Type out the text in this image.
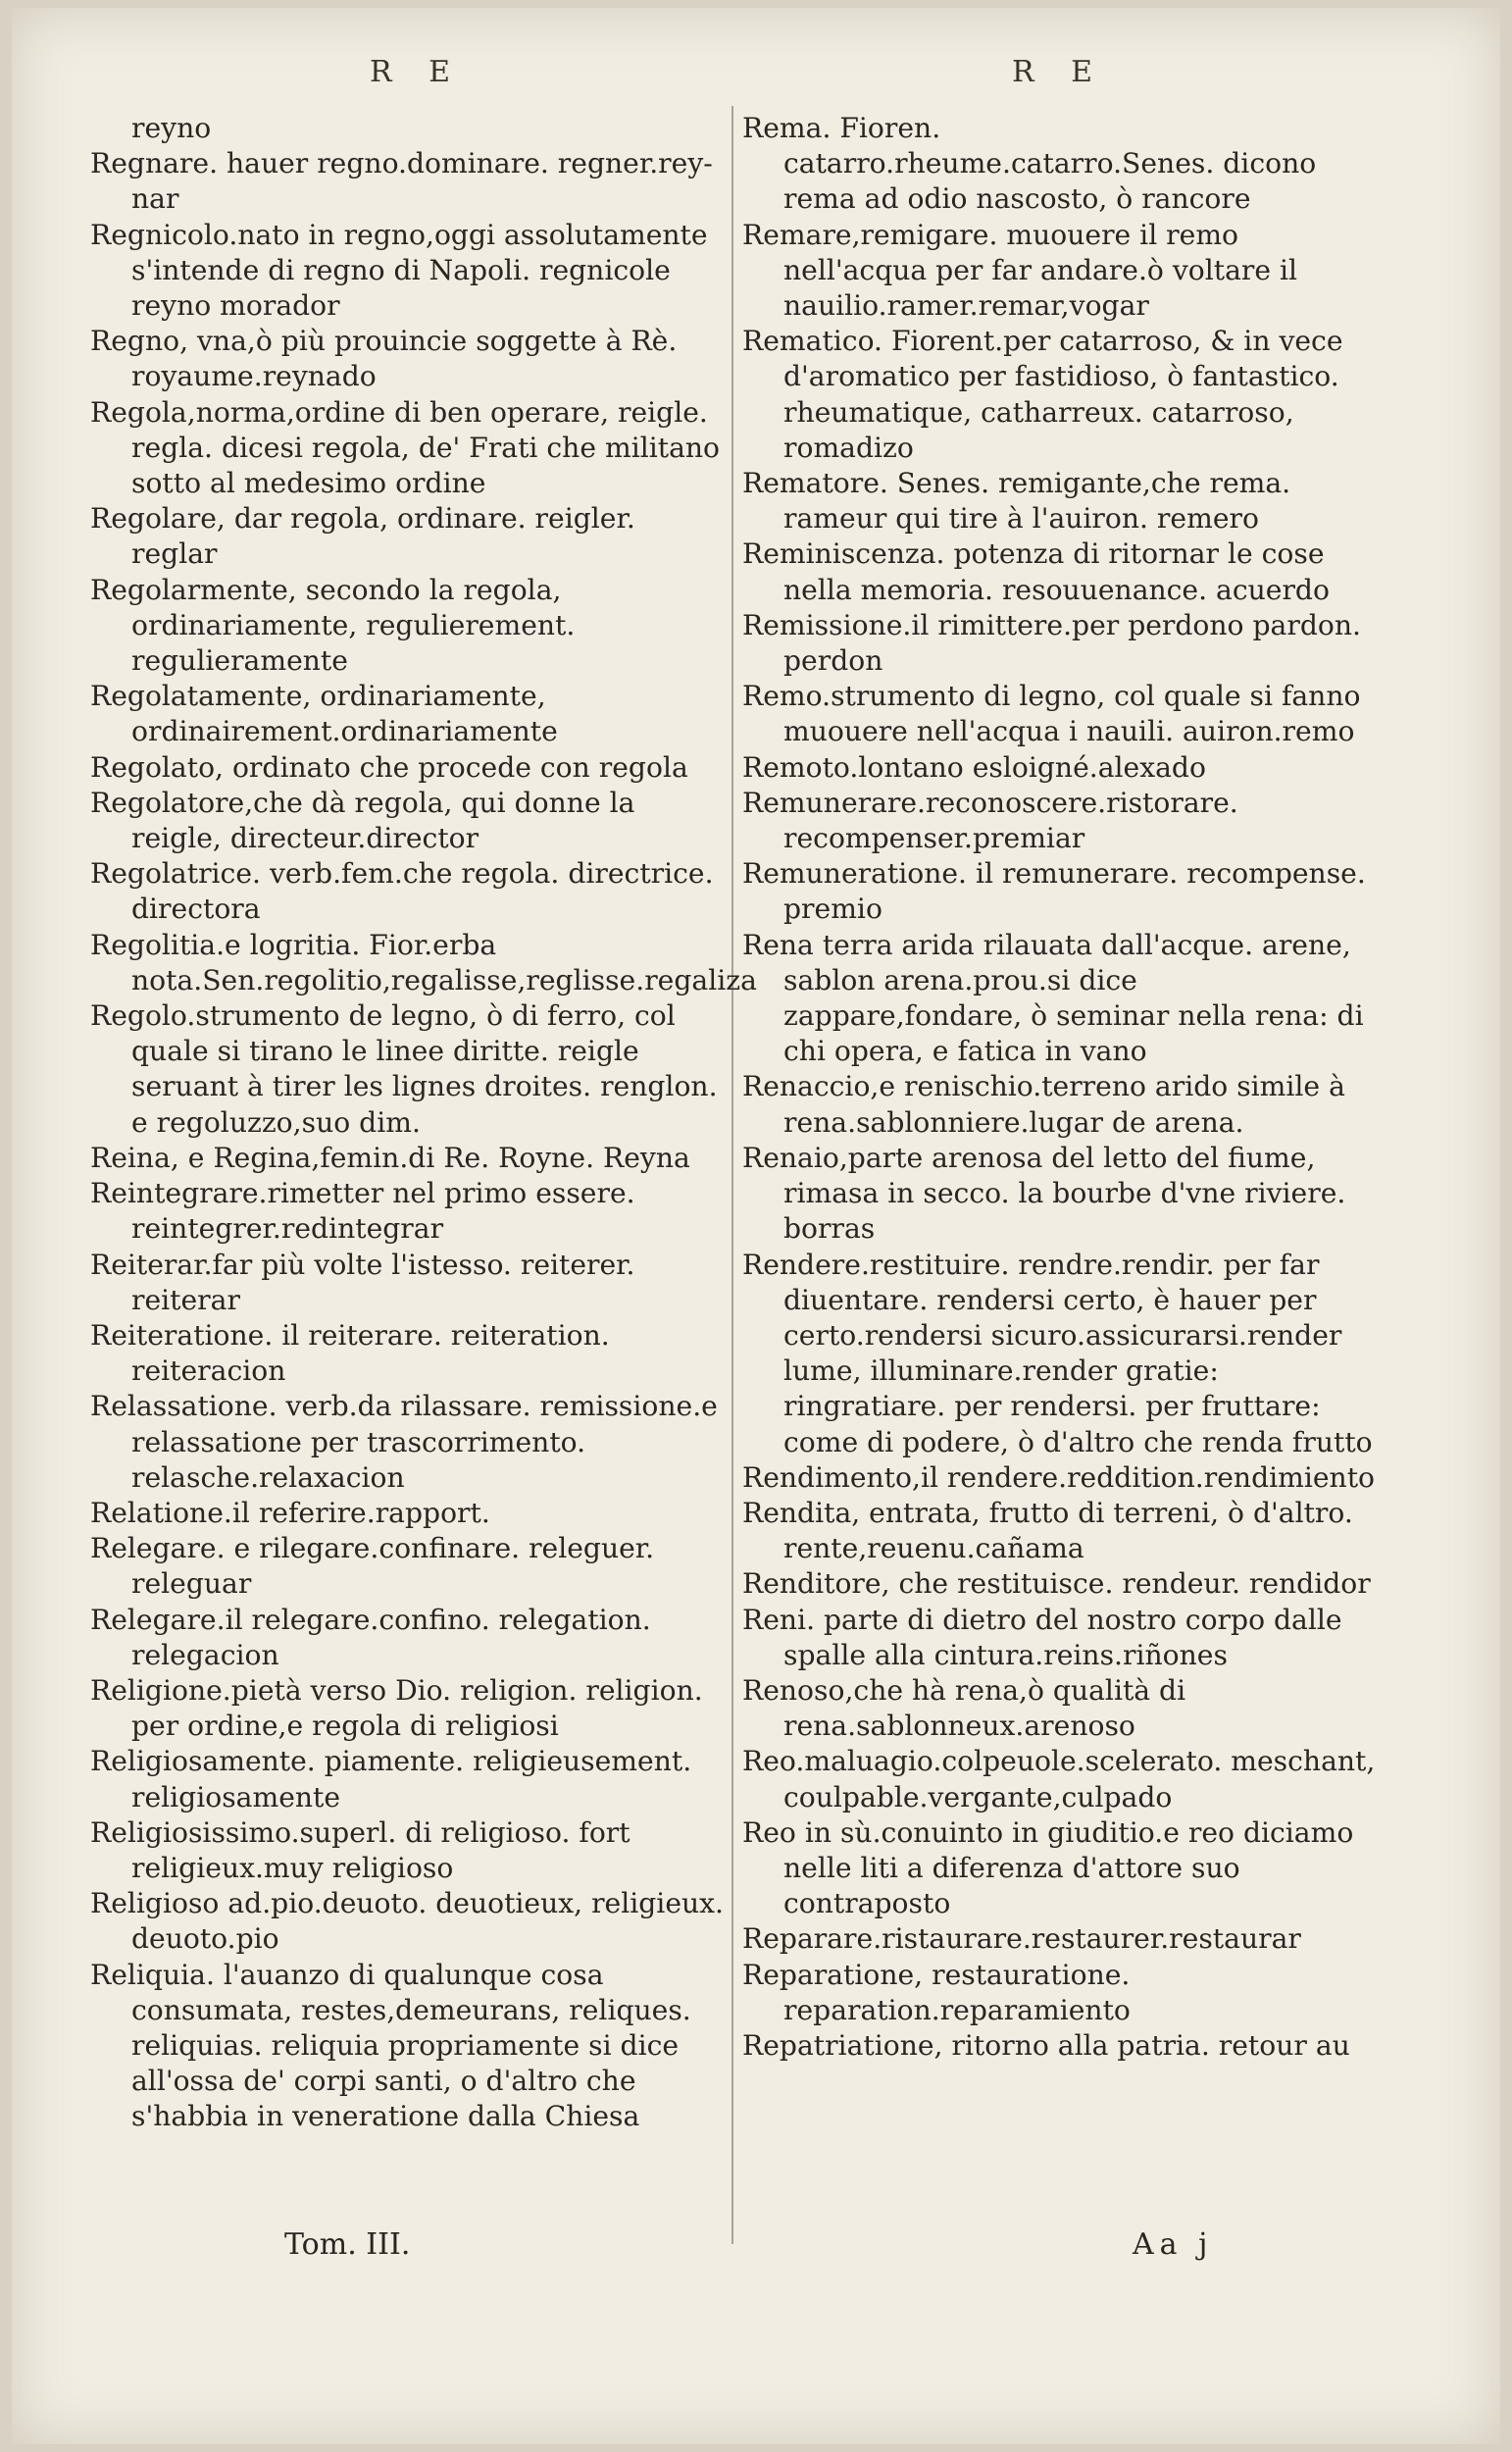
R E	R E

reyno

Regnare. hauer regno.dominare. regner.rey-nar

Regnicolo.nato in regno,oggi assolutamente s'intende di regno di Napoli. regnicole reyno morador

Regno, vna,ò più prouincie soggette à Rè. royaume.reynado

Regola,norma,ordine di ben operare, reigle. regla. dicesi regola, de' Frati che militano sotto al medesimo ordine

Regolare, dar regola, ordinare. reigler. reglar

Regolarmente, secondo la regola, ordinariamente, regulierement. regulieramente

Regolatamente, ordinariamente, ordinairement.ordinariamente

Regolato, ordinato che procede con regola

Regolatore,che dà regola, qui donne la reigle, directeur.director

Regolatrice. verb.fem.che regola. directrice. directora

Regolitia.e logritia. Fior.erba nota.Sen.regolitio,regalisse,reglisse.regaliza

Regolo.strumento de legno, ò di ferro, col quale si tirano le linee diritte. reigle seruant à tirer les lignes droites. renglon. e regoluzzo,suo dim.

Reina, e Regina,femin.di Re. Royne. Reyna

Reintegrare.rimetter nel primo essere. reintegrer.redintegrar

Reiterar.far più volte l'istesso. reiterer. reiterar

Reiteratione. il reiterare. reiteration. reiteracion

Relassatione. verb.da rilassare. remissione.e relassatione per trascorrimento. relasche.relaxacion

Relatione.il referire.rapport.

Relegare. e rilegare.confinare. releguer. releguar

Relegare.il relegare.confino. relegation. relegacion

Religione.pietà verso Dio. religion. religion. per ordine,e regola di religiosi

Religiosamente. piamente. religieusement. religiosamente

Religiosissimo.superl. di religioso. fort religieux.muy religioso

Religioso ad.pio.deuoto. deuotieux, religieux. deuoto.pio

Reliquia. l'auanzo di qualunque cosa consumata, restes,demeurans, reliques. reliquias. reliquia propriamente si dice all'ossa de' corpi santi, o d'altro che s'habbia in veneratione dalla Chiesa

Rema. Fioren. catarro.rheume.catarro.Senes. dicono rema ad odio nascosto, ò rancore

Remare,remigare. muouere il remo nell'acqua per far andare.ò voltare il nauilio.ramer.remar,vogar

Rematico. Fiorent.per catarroso, & in vece d'aromatico per fastidioso, ò fantastico. rheumatique, catharreux. catarroso, romadizo

Rematore. Senes. remigante,che rema. rameur qui tire à l'auiron. remero

Reminiscenza. potenza di ritornar le cose nella memoria. resouuenance. acuerdo

Remissione.il rimittere.per perdono pardon. perdon

Remo.strumento di legno, col quale si fanno muouere nell'acqua i nauili. auiron.remo

Remoto.lontano esloigné.alexado

Remunerare.reconoscere.ristorare. recompenser.premiar

Remuneratione. il remunerare. recompense. premio

Rena terra arida rilauata dall'acque. arene, sablon arena.prou.si dice zappare,fondare, ò seminar nella rena: di chi opera, e fatica in vano

Renaccio,e renischio.terreno arido simile à rena.sablonniere.lugar de arena.

Renaio,parte arenosa del letto del fiume, rimasa in secco. la bourbe d'vne riviere. borras

Rendere.restituire. rendre.rendir. per far diuentare. rendersi certo, è hauer per certo.rendersi sicuro.assicurarsi.render lume, illuminare.render gratie: ringratiare. per rendersi. per fruttare: come di podere, ò d'altro che renda frutto

Rendimento,il rendere.reddition.rendimiento

Rendita, entrata, frutto di terreni, ò d'altro. rente,reuenu.cañama

Renditore, che restituisce. rendeur. rendidor

Reni. parte di dietro del nostro corpo dalle spalle alla cintura.reins.riñones

Renoso,che hà rena,ò qualità di rena.sablonneux.arenoso

Reo.maluagio.colpeuole.scelerato. meschant, coulpable.vergante,culpado

Reo in sù.conuinto in giuditio.e reo diciamo nelle liti a diferenza d'attore suo contraposto

Reparare.ristaurare.restaurer.restaurar

Reparatione, restauratione. reparation.reparamiento

Repatriatione, ritorno alla patria. retour au

Tom. III.	Aa j
